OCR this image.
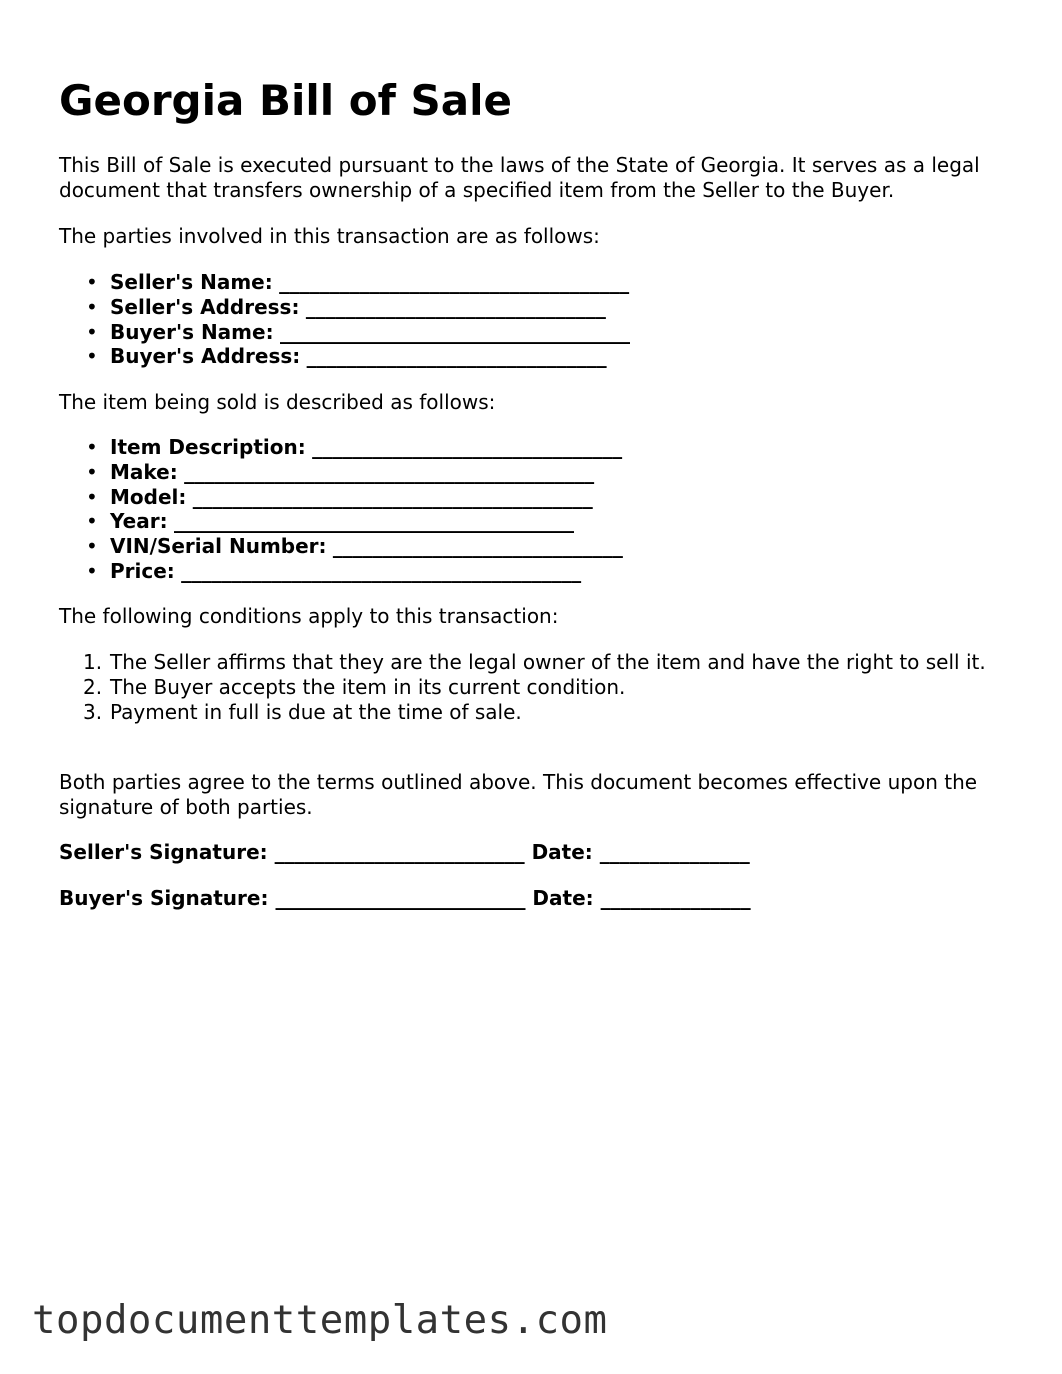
Georgia Bill of Sale

This Bill of Sale is executed pursuant to the laws of the State of Georgia. It serves as a legal document that transfers ownership of a specified item from the Seller to the Buyer.

The parties involved in this transaction are as follows:

• Seller's Name: ___________________________________
• Seller's Address: ______________________________
• Buyer's Name: ___________________________________
• Buyer's Address: ______________________________

The item being sold is described as follows:

• Item Description: _______________________________
• Make: _________________________________________
• Model: ________________________________________
• Year: ________________________________________
• VIN/Serial Number: _____________________________
• Price: ________________________________________

The following conditions apply to this transaction:

1. The Seller affirms that they are the legal owner of the item and have the right to sell it.
2. The Buyer accepts the item in its current condition.
3. Payment in full is due at the time of sale.

Both parties agree to the terms outlined above. This document becomes effective upon the signature of both parties.

Seller's Signature: _________________________ Date: _______________

Buyer's Signature: _________________________ Date: _______________

topdocumenttemplates.com
